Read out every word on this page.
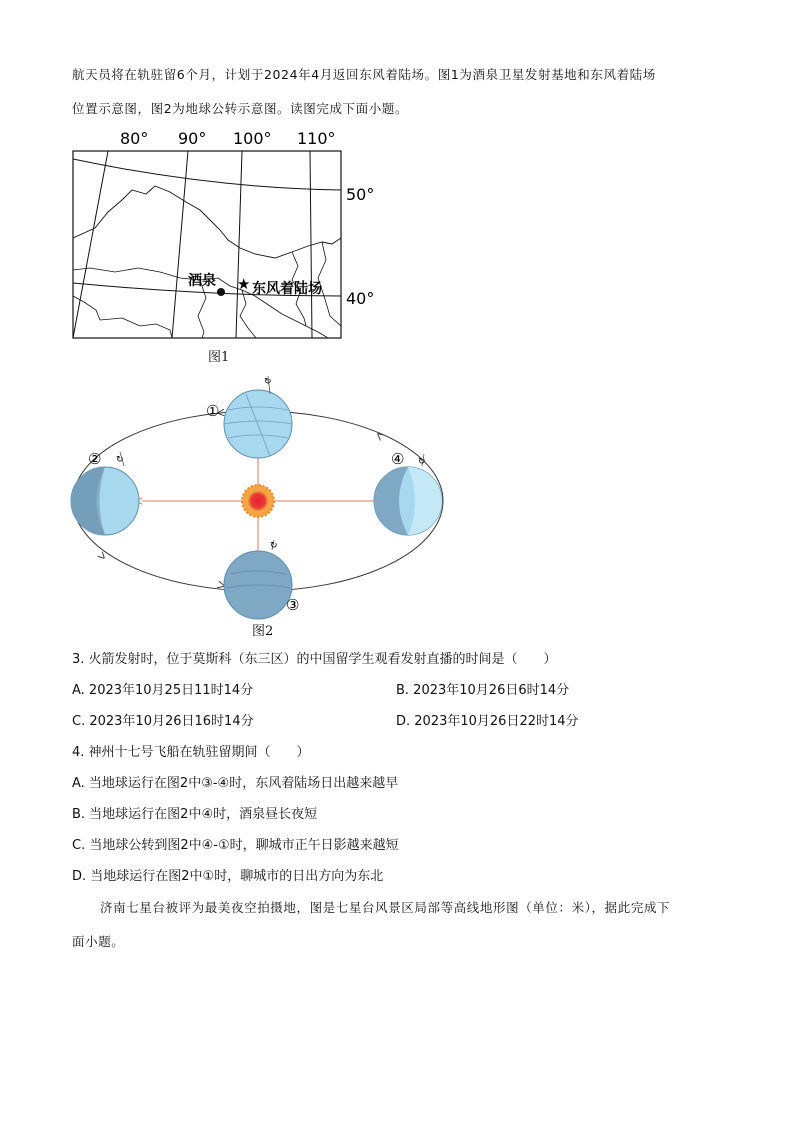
航天员将在轨驻留6个月，计划于2024年4月返回东风着陆场。图1为酒泉卫星发射基地和东风着陆场
位置示意图，图2为地球公转示意图。读图完成下面小题。
80° 90° 100° 110°
酒泉 ★ 东风着陆场
50°
40°
图1
↻
①
↻
②
↻
③
↻
④
图2
3. 火箭发射时，位于莫斯科（东三区）的中国留学生观看发射直播的时间是（　　）
A. 2023年10月25日11时14分	B. 2023年10月26日6时14分
C. 2023年10月26日16时14分	D. 2023年10月26日22时14分
4. 神州十七号飞船在轨驻留期间（　　）
A. 当地球运行在图2中③-④时，东风着陆场日出越来越早
B. 当地球运行在图2中④时，酒泉昼长夜短
C. 当地球公转到图2中④-①时，聊城市正午日影越来越短
D. 当地球运行在图2中①时，聊城市的日出方向为东北
济南七星台被评为最美夜空拍摄地，图是七星台风景区局部等高线地形图（单位：米），据此完成下
面小题。
